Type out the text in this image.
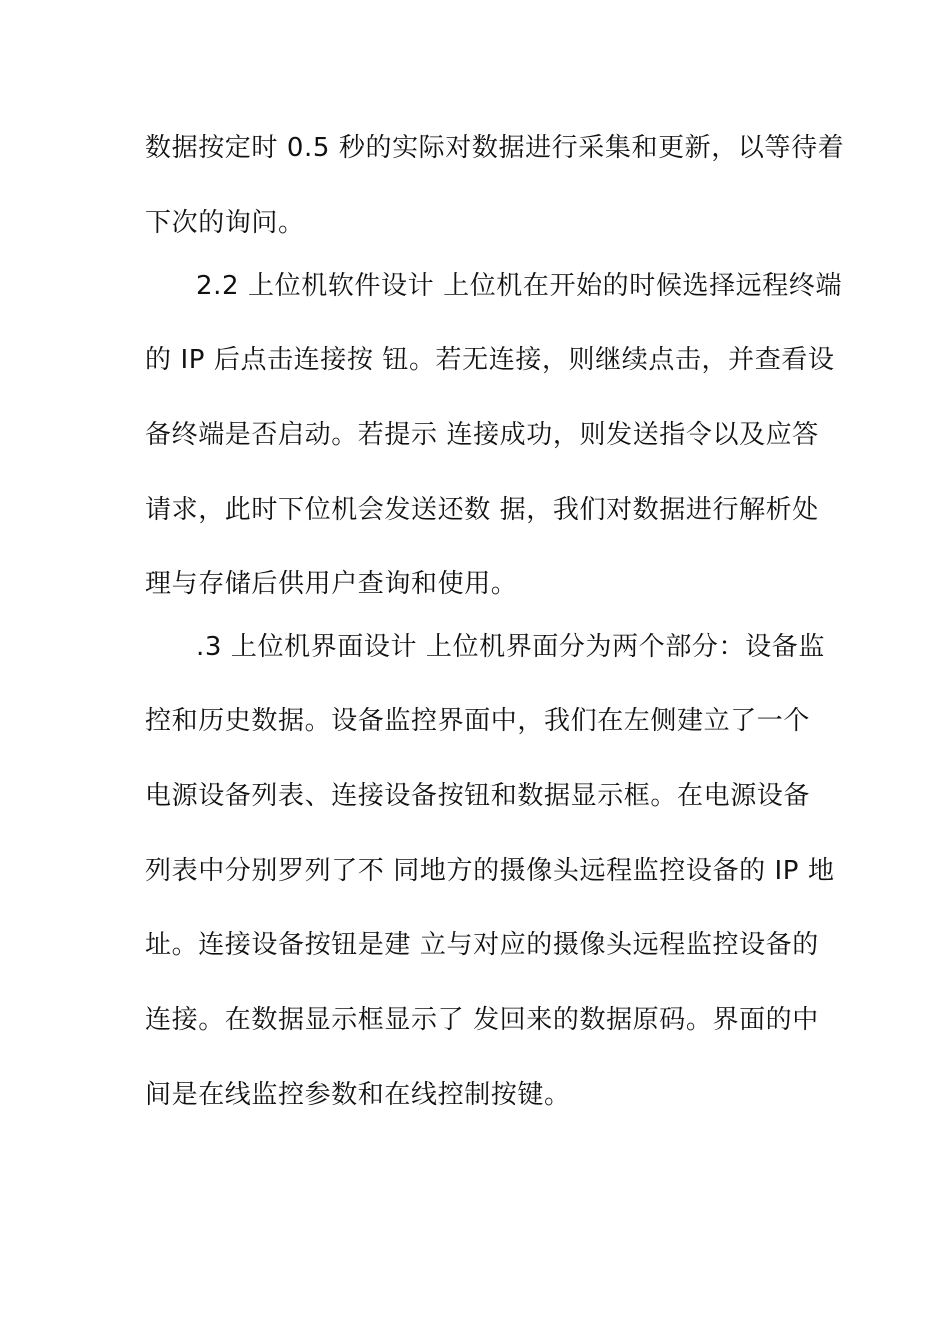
数据按定时 0.5 秒的实际对数据进行采集和更新，以等待着
下次的询问。
2.2 上位机软件设计 上位机在开始的时候选择远程终端
的 IP 后点击连接按 钮。若无连接，则继续点击，并查看设
备终端是否启动。若提示 连接成功，则发送指令以及应答
请求，此时下位机会发送还数 据，我们对数据进行解析处
理与存储后供用户查询和使用。
.3 上位机界面设计 上位机界面分为两个部分：设备监
控和历史数据。设备监控界面中，我们在左侧建立了一个
电源设备列表、连接设备按钮和数据显示框。在电源设备
列表中分别罗列了不 同地方的摄像头远程监控设备的 IP 地
址。连接设备按钮是建 立与对应的摄像头远程监控设备的
连接。在数据显示框显示了 发回来的数据原码。界面的中
间是在线监控参数和在线控制按键。
